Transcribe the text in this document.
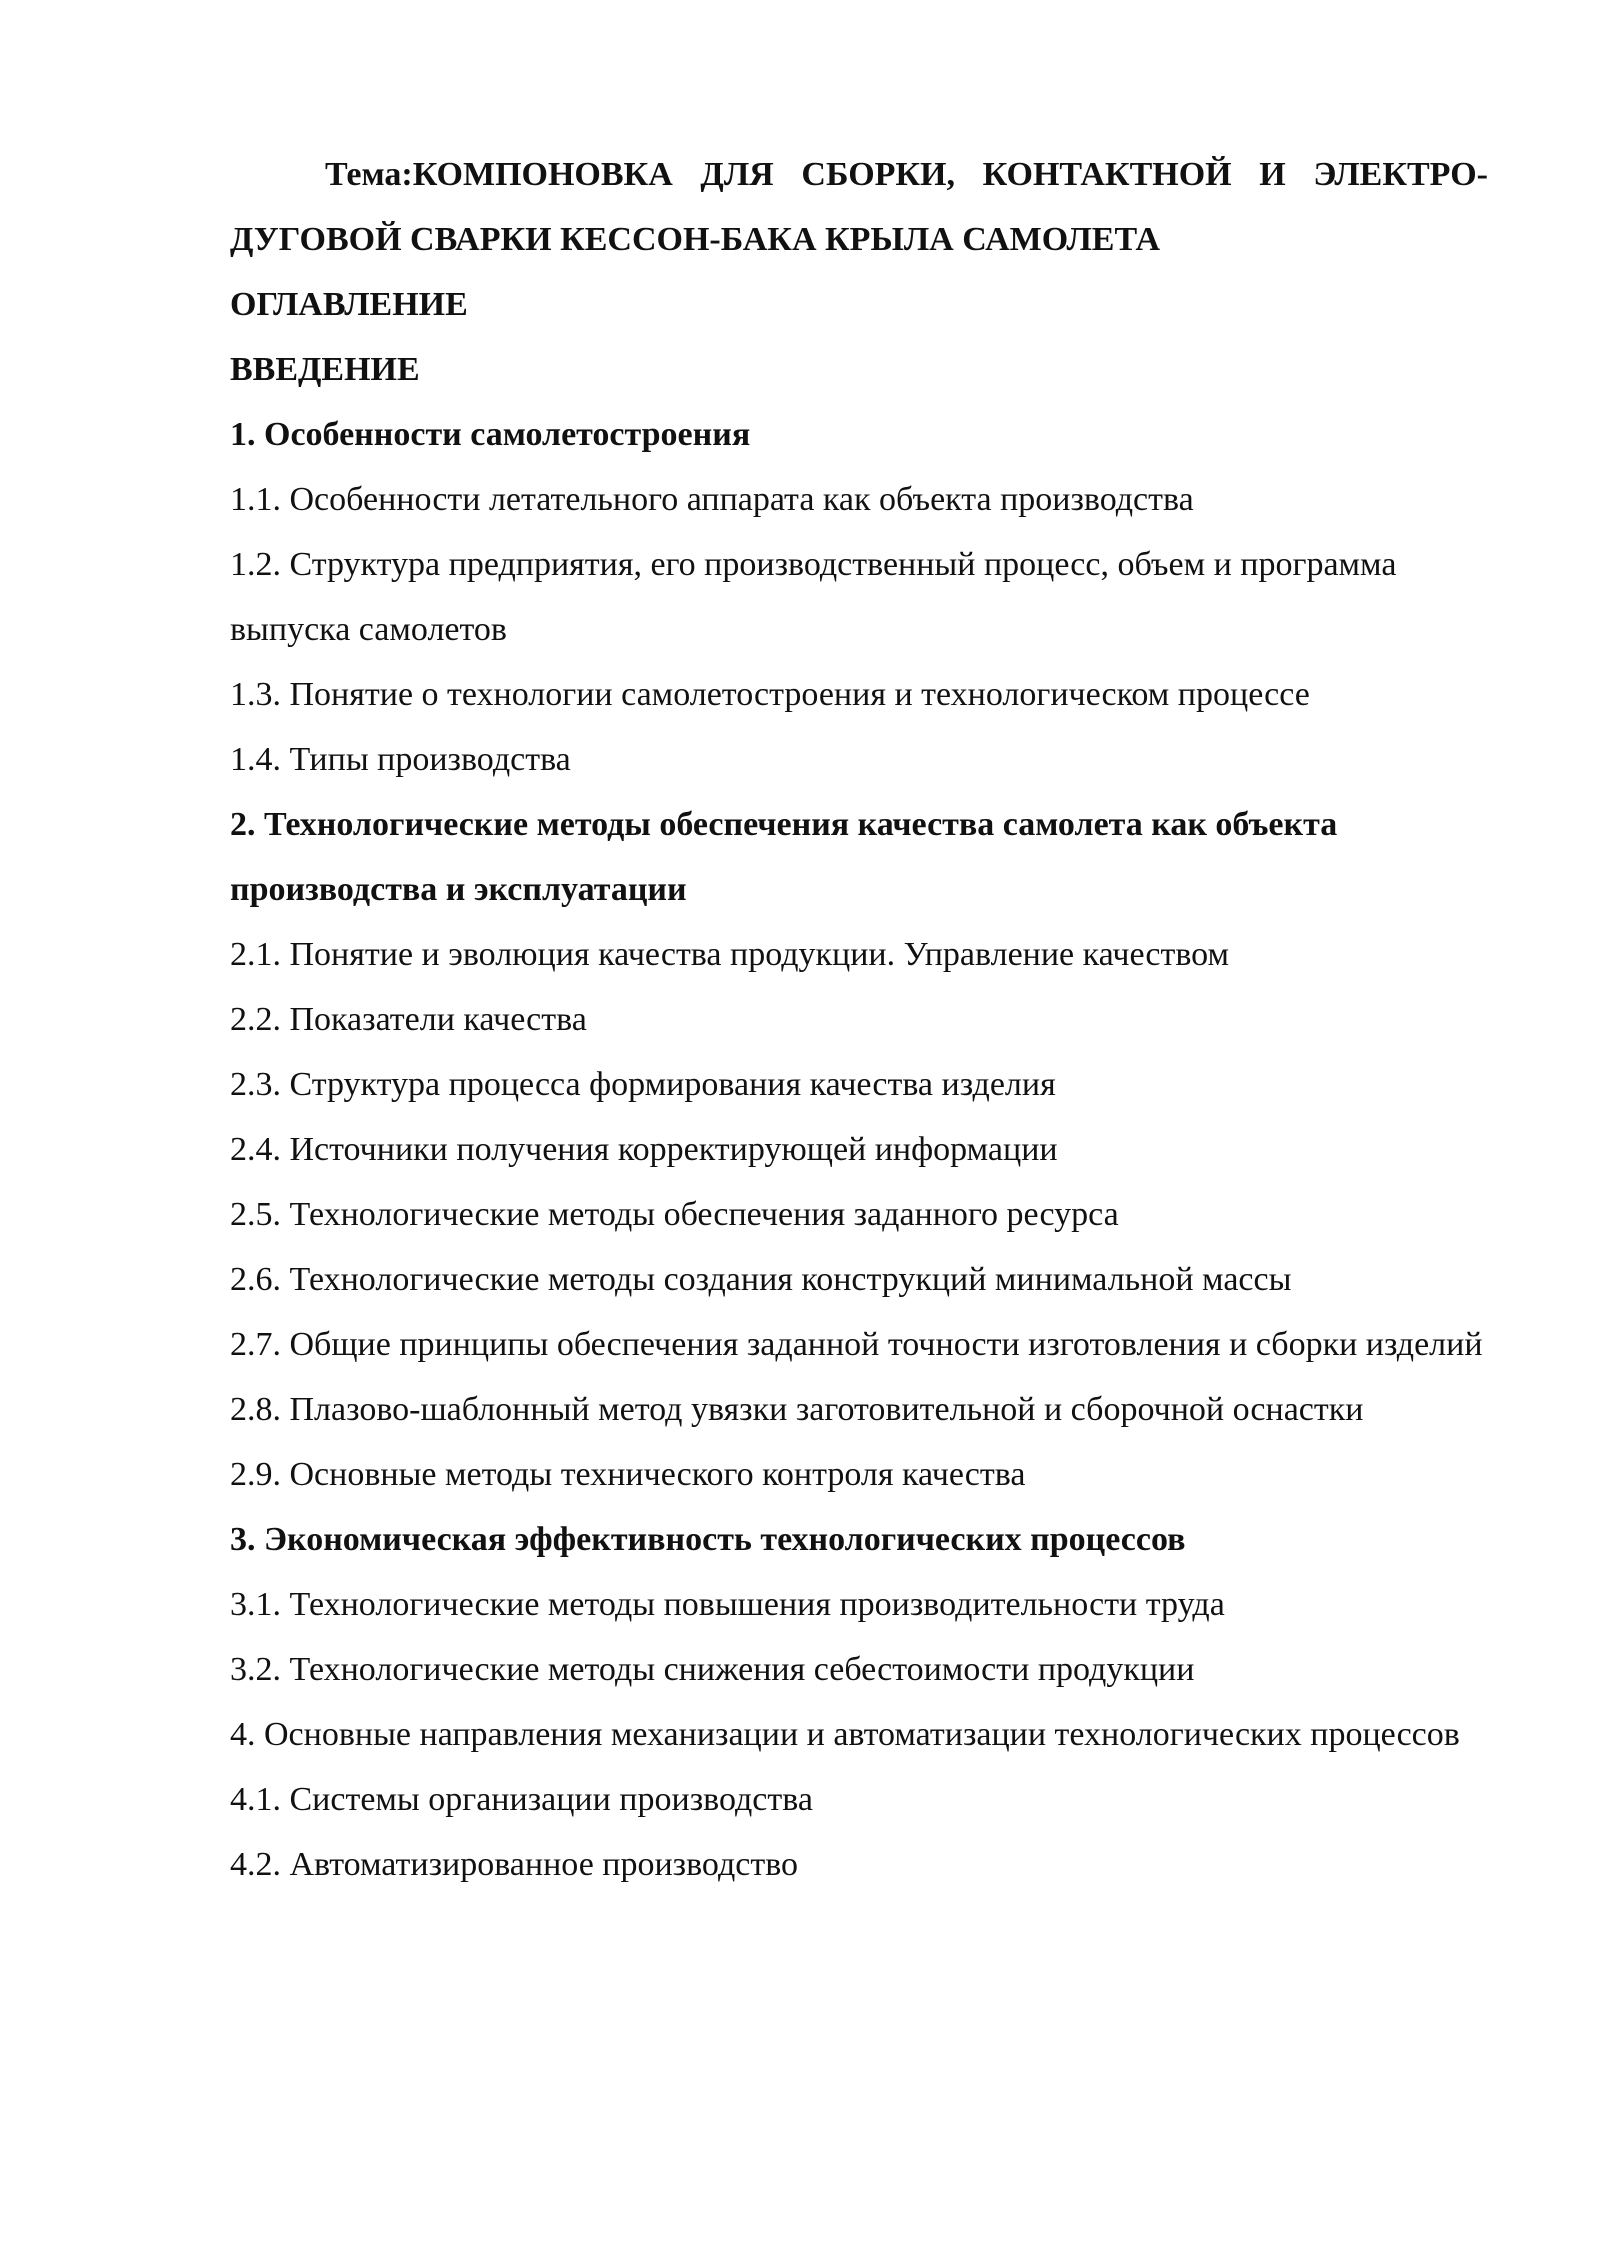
Тема:КОМПОНОВКА ДЛЯ СБОРКИ, КОНТАКТНОЙ И ЭЛЕКТРО-ДУГОВОЙ СВАРКИ КЕССОН-БАКА КРЫЛА САМОЛЕТА

ОГЛАВЛЕНИЕ

ВВЕДЕНИЕ

1. Особенности самолетостроения

1.1. Особенности летательного аппарата как объекта производства

1.2. Структура предприятия, его производственный процесс, объем и программа выпуска самолетов

1.3. Понятие о технологии самолетостроения и технологическом процессе

1.4. Типы производства

2. Технологические методы обеспечения качества самолета как объекта производства и эксплуатации

2.1. Понятие и эволюция качества продукции. Управление качеством

2.2. Показатели качества

2.3. Структура процесса формирования качества изделия

2.4. Источники получения корректирующей информации

2.5. Технологические методы обеспечения заданного ресурса

2.6. Технологические методы создания конструкций минимальной массы

2.7. Общие принципы обеспечения заданной точности изготовления и сборки изделий

2.8. Плазово-шаблонный метод увязки заготовительной и сборочной оснастки

2.9. Основные методы технического контроля качества

3. Экономическая эффективность технологических процессов

3.1. Технологические методы повышения производительности труда

3.2. Технологические методы снижения себестоимости продукции

4. Основные направления механизации и автоматизации технологических процессов

4.1. Системы организации производства

4.2. Автоматизированное производство
